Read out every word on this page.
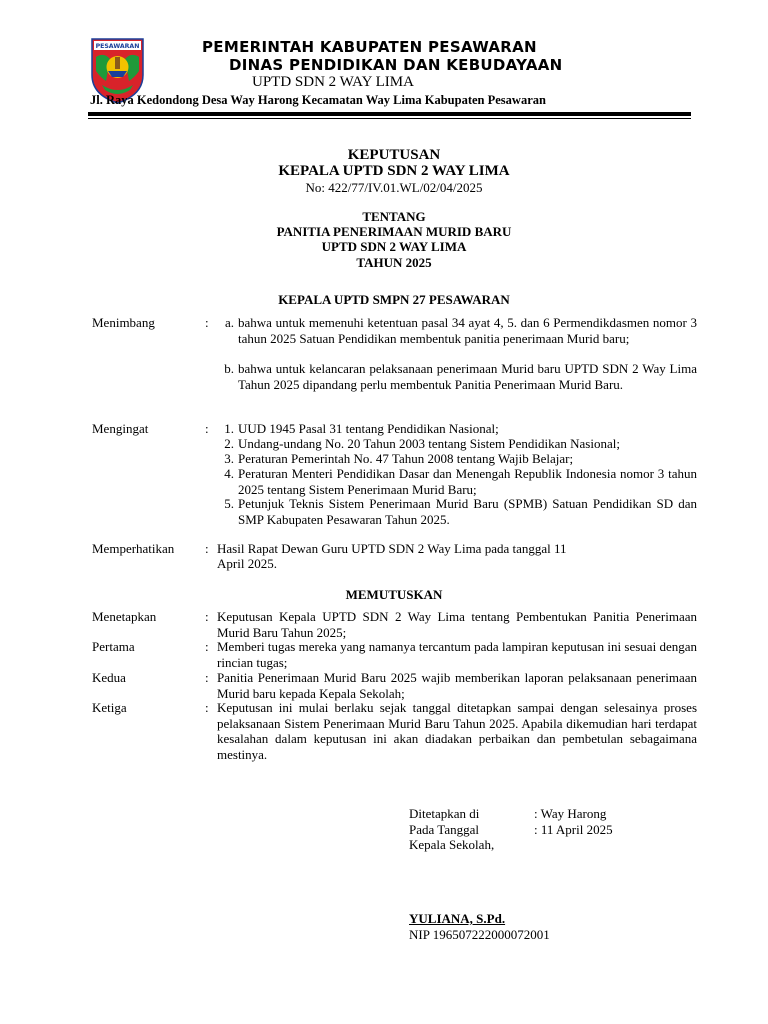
PESAWARAN	PEMERINTAH KABUPATEN PESAWARAN
DINAS PENDIDIKAN DAN KEBUDAYAAN
UPTD SDN 2 WAY LIMA
Jl. Raya Kedondong Desa Way Harong Kecamatan Way Lima Kabupaten Pesawaran
KEPUTUSAN
KEPALA UPTD SDN 2 WAY LIMA
No: 422/77/IV.01.WL/02/04/2025
TENTANG
PANITIA PENERIMAAN MURID BARU
UPTD SDN 2 WAY LIMA
TAHUN 2025
KEPALA UPTD SMPN 27 PESAWARAN
Menimbang	:	a. bahwa untuk memenuhi ketentuan pasal 34 ayat 4, 5. dan 6 Permendikdasmen nomor 3 tahun 2025 Satuan Pendidikan membentuk panitia penerimaan Murid baru;
b. bahwa untuk kelancaran pelaksanaan penerimaan Murid baru UPTD SDN 2 Way Lima Tahun 2025 dipandang perlu membentuk Panitia Penerimaan Murid Baru.
Mengingat	:	1. UUD 1945 Pasal 31 tentang Pendidikan Nasional;
2. Undang-undang No. 20 Tahun 2003 tentang Sistem Pendidikan Nasional;
3. Peraturan Pemerintah No. 47 Tahun 2008 tentang Wajib Belajar;
4. Peraturan Menteri Pendidikan Dasar dan Menengah Republik Indonesia nomor 3 tahun 2025 tentang Sistem Penerimaan Murid Baru;
5. Petunjuk Teknis Sistem Penerimaan Murid Baru (SPMB) Satuan Pendidikan SD dan SMP Kabupaten Pesawaran Tahun 2025.
Memperhatikan : Hasil Rapat Dewan Guru UPTD SDN 2 Way Lima pada tanggal 11
April 2025.
MEMUTUSKAN
Menetapkan	: Keputusan Kepala UPTD SDN 2 Way Lima tentang Pembentukan Panitia Penerimaan Murid Baru Tahun 2025;
Pertama	: Memberi tugas mereka yang namanya tercantum pada lampiran keputusan ini sesuai dengan rincian tugas;
Kedua	: Panitia Penerimaan Murid Baru 2025 wajib memberikan laporan pelaksanaan penerimaan Murid baru kepada Kepala Sekolah;
Ketiga	: Keputusan ini mulai berlaku sejak tanggal ditetapkan sampai dengan selesainya proses pelaksanaan Sistem Penerimaan Murid Baru Tahun 2025. Apabila dikemudian hari terdapat kesalahan dalam keputusan ini akan diadakan perbaikan dan pembetulan sebagaimana mestinya.
Ditetapkan di	: Way Harong
Pada Tanggal	: 11 April 2025
Kepala Sekolah,
YULIANA, S.Pd.
NIP 196507222000072001
